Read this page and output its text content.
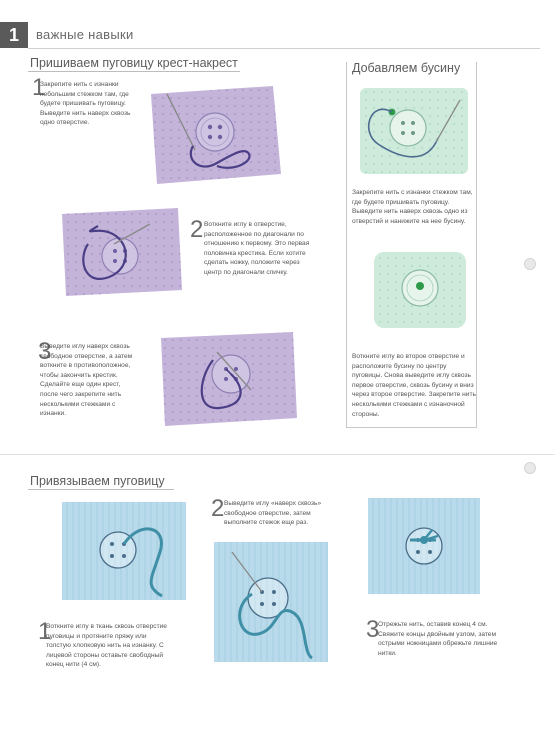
1	важные навыки
Пришиваем пуговицу крест-накрест
1
Закрепите нить с изнанки небольшим стежком там, где будете пришивать пуговицу. Выведите нить наверх сквозь одно отверстие.
2 Воткните иглу в отверстие, расположенное по диагонали по отношению к первому. Это первая половинка крестика. Если хотите сделать ножку, положите через центр по диагонали спичку.
3
Выведите иглу наверх сквозь свободное отверстие, а затем воткните в противоположное, чтобы закончить крестик. Сделайте еще один крест, после чего закрепите нить несколькими стежками с изнанки.
Добавляем бусину
Закрепите нить с изнанки стежком там, где будете пришивать пуговицу. Выведите нить наверх сквозь одно из отверстий и нанижите на нее бусину.
Воткните иглу во второе отверстие и расположите бусину по центру пуговицы. Снова выведите иглу сквозь первое отверстие, сквозь бусину и вниз через второе отверстие. Закрепите нить несколькими стежками с изнаночной стороны.
Привязываем пуговицу
1
Воткните иглу в ткань сквозь отверстие пуговицы и протяните пряжу или толстую хлопковую нить на изнанку. С лицевой стороны оставьте свободный конец нити (4 см).
2 Выведите иглу «наверх сквозь» свободное отверстие, затем выполните стежок еще раз.
3
Отрежьте нить, оставив конец 4 см. Свяжите концы двойным узлом, затем острыми ножницами обрежьте лишние нитки.
